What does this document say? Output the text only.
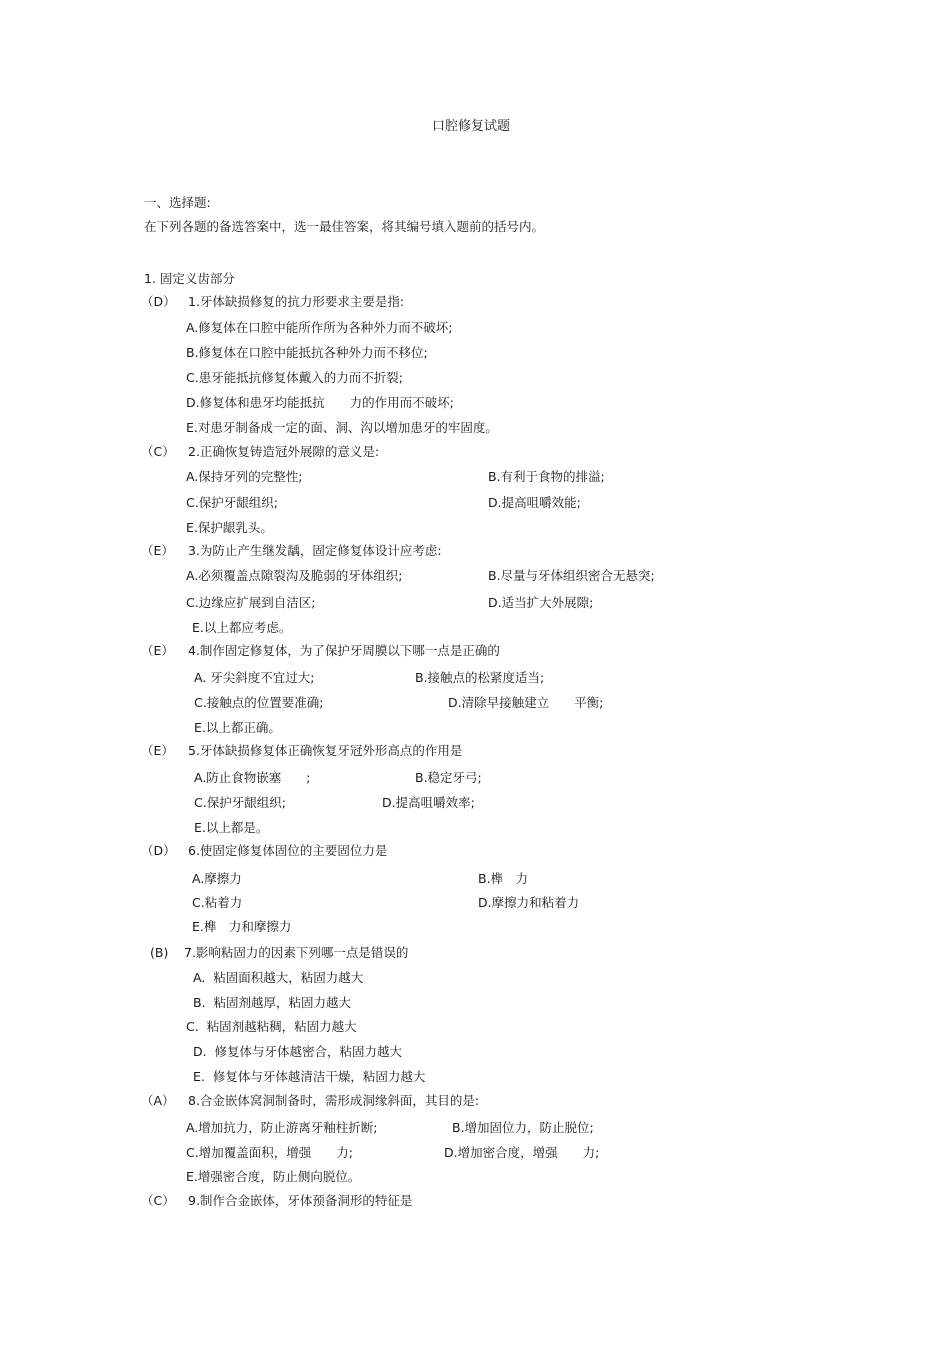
口腔修复试题
一、选择题:
在下列各题的备选答案中，选一最佳答案，将其编号填入题前的括号内。
1. 固定义齿部分
（D） 1.牙体缺损修复的抗力形要求主要是指:
A.修复体在口腔中能所作所为各种外力而不破坏;
B.修复体在口腔中能抵抗各种外力而不移位;
C.患牙能抵抗修复体戴入的力而不折裂;
D.修复体和患牙均能抵抗　　力的作用而不破坏;
E.对患牙制备成一定的面、洞、沟以增加患牙的牢固度。
（C） 2.正确恢复铸造冠外展隙的意义是:
A.保持牙列的完整性;	B.有利于食物的排溢;
C.保护牙龈组织;	D.提高咀嚼效能;
E.保护龈乳头。
（E） 3.为防止产生继发龋，固定修复体设计应考虑:
A.必须覆盖点隙裂沟及脆弱的牙体组织;	B.尽量与牙体组织密合无悬突;
C.边缘应扩展到自洁区;	D.适当扩大外展隙;
E.以上都应考虑。
（E） 4.制作固定修复体，为了保护牙周膜以下哪一点是正确的
A. 牙尖斜度不宜过大;	B.接触点的松紧度适当;
C.接触点的位置要准确;	D.清除早接触建立　　平衡;
E.以上都正确。
（E） 5.牙体缺损修复体正确恢复牙冠外形高点的作用是
A.防止食物嵌塞　　;	B.稳定牙弓;
C.保护牙龈组织;	D.提高咀嚼效率;
E.以上都是。
（D） 6.使固定修复体固位的主要固位力是
A.摩擦力	B.榫　力
C.粘着力	D.摩擦力和粘着力
E.榫　力和摩擦力
(B) 7.影响粘固力的因素下列哪一点是错误的
A.  粘固面积越大，粘固力越大
B.  粘固剂越厚，粘固力越大
C.  粘固剂越粘稠，粘固力越大
D.  修复体与牙体越密合，粘固力越大
E.  修复体与牙体越清洁干燥，粘固力越大
（A） 8.合金嵌体窝洞制备时，需形成洞缘斜面，其目的是:
A.增加抗力，防止游离牙釉柱折断;	B.增加固位力，防止脱位;
C.增加覆盖面积，增强　　力;	D.增加密合度，增强　　力;
E.增强密合度，防止侧向脱位。
（C） 9.制作合金嵌体，牙体预备洞形的特征是
